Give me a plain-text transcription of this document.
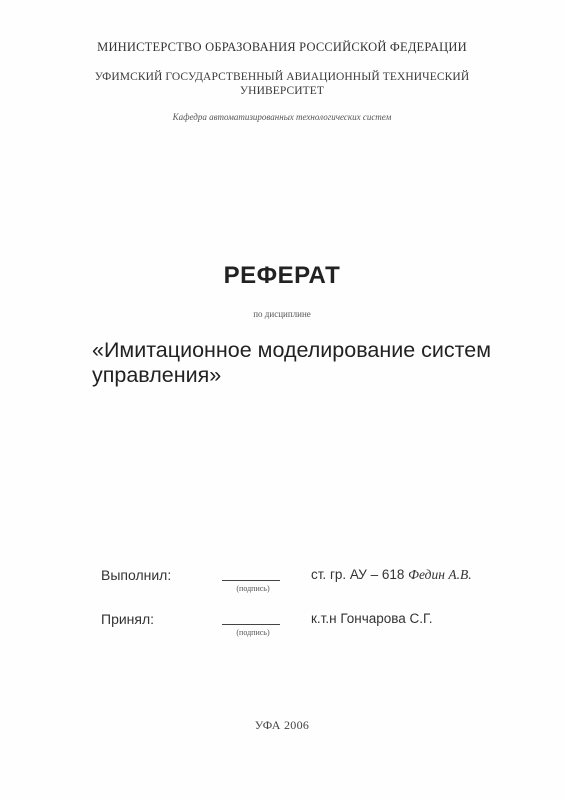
МИНИСТЕРСТВО ОБРАЗОВАНИЯ РОССИЙСКОЙ ФЕДЕРАЦИИ
УФИМСКИЙ ГОСУДАРСТВЕННЫЙ АВИАЦИОННЫЙ ТЕХНИЧЕСКИЙ
УНИВЕРСИТЕТ
Кафедра автоматизированных технологических систем
РЕФЕРАТ
по дисциплине
«Имитационное моделирование систем управления»
Выполнил:
(подпись)
ст. гр. АУ – 618 Федин А.В.
Принял:
(подпись)
к.т.н Гончарова С.Г.
УФА 2006
